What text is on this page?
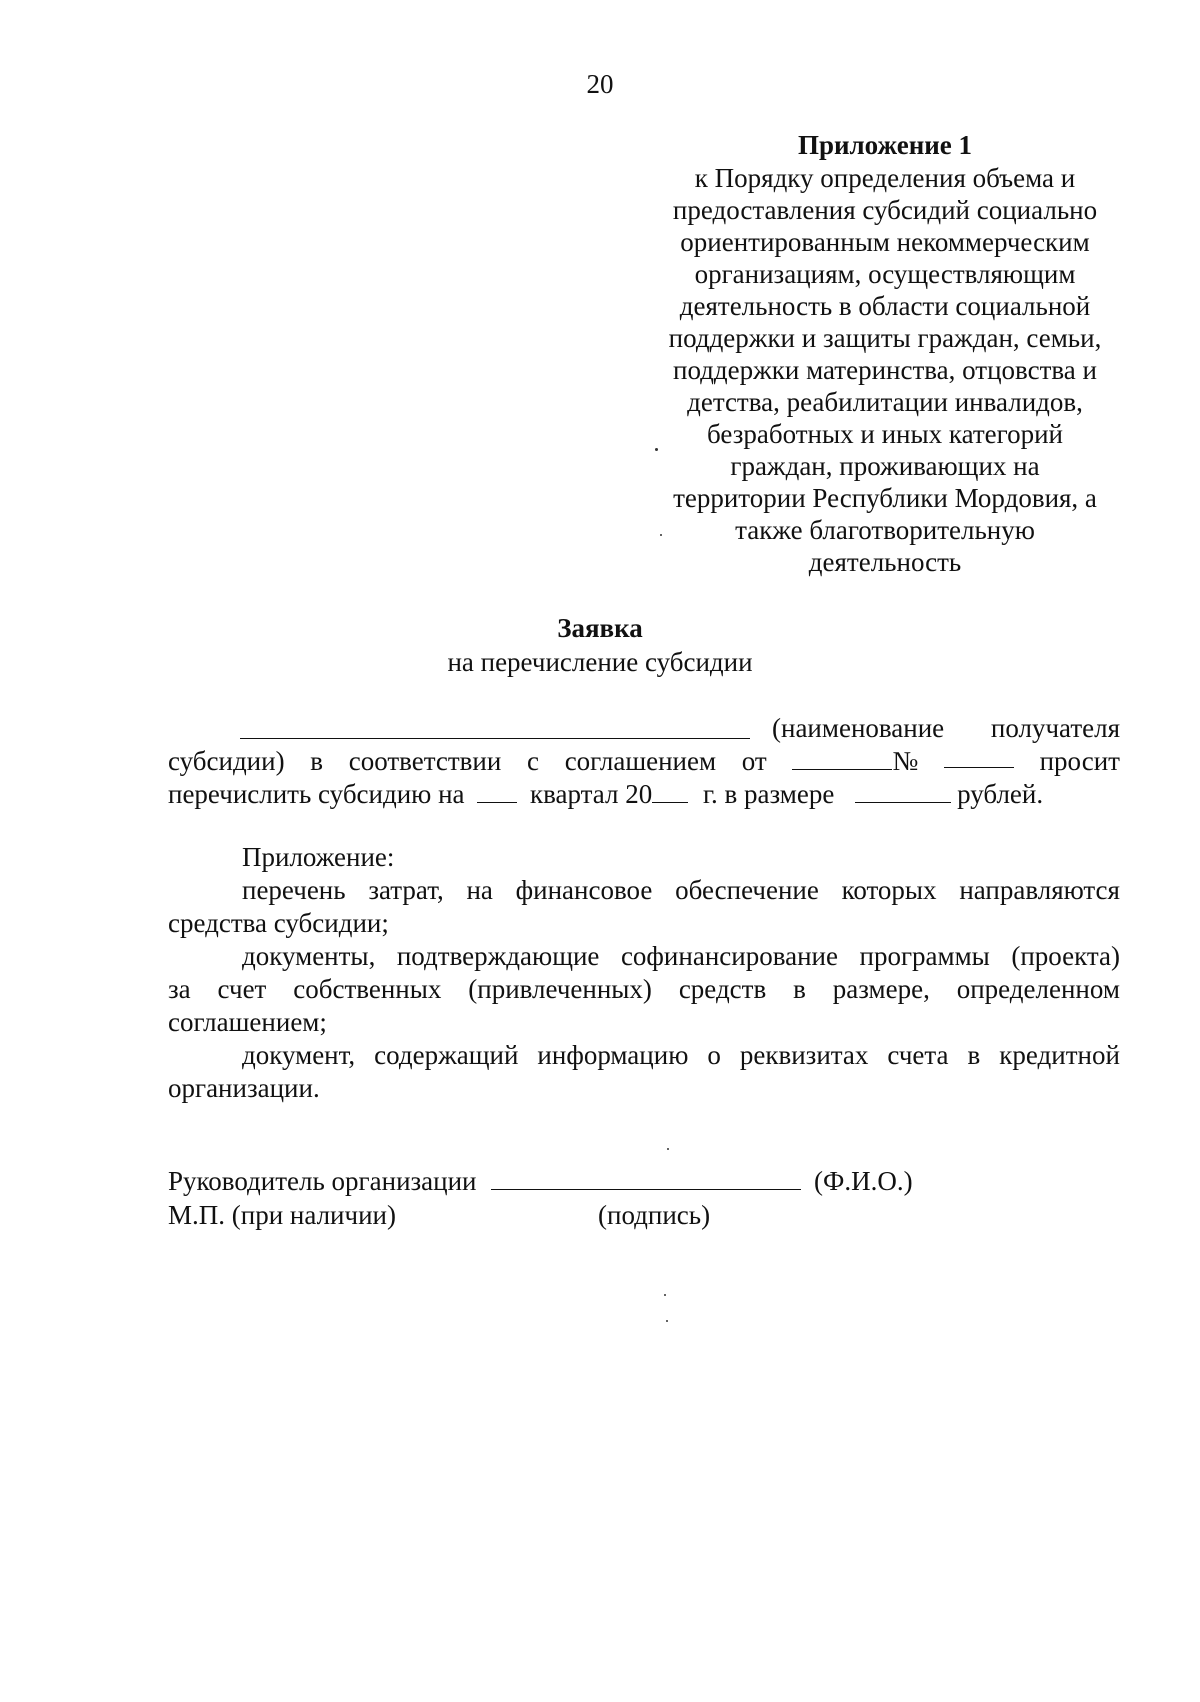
20
Приложение 1
к Порядку определения объема и
предоставления субсидий социально
ориентированным некоммерческим
организациям, осуществляющим
деятельность в области социальной
поддержки и защиты граждан, семьи,
поддержки материнства, отцовства и
детства, реабилитации инвалидов,
безработных и иных категорий
граждан, проживающих на
территории Республики Мордовия, а
также благотворительную
деятельность
Заявка
на перечисление субсидии
(наименование получателя
субсидии) в соответствии с соглашением от	№	просит
перечислить субсидию на квартал 20 г. в размере	рублей.
Приложение:
перечень затрат, на финансовое обеспечение которых направляются
средства субсидии;
документы, подтверждающие софинансирование программы (проекта)
за счет собственных (привлеченных) средств в размере, определенном
соглашением;
документ, содержащий информацию о реквизитах счета в кредитной
организации.
Руководитель организации	(Ф.И.О.)
М.П. (при наличии)	(подпись)
